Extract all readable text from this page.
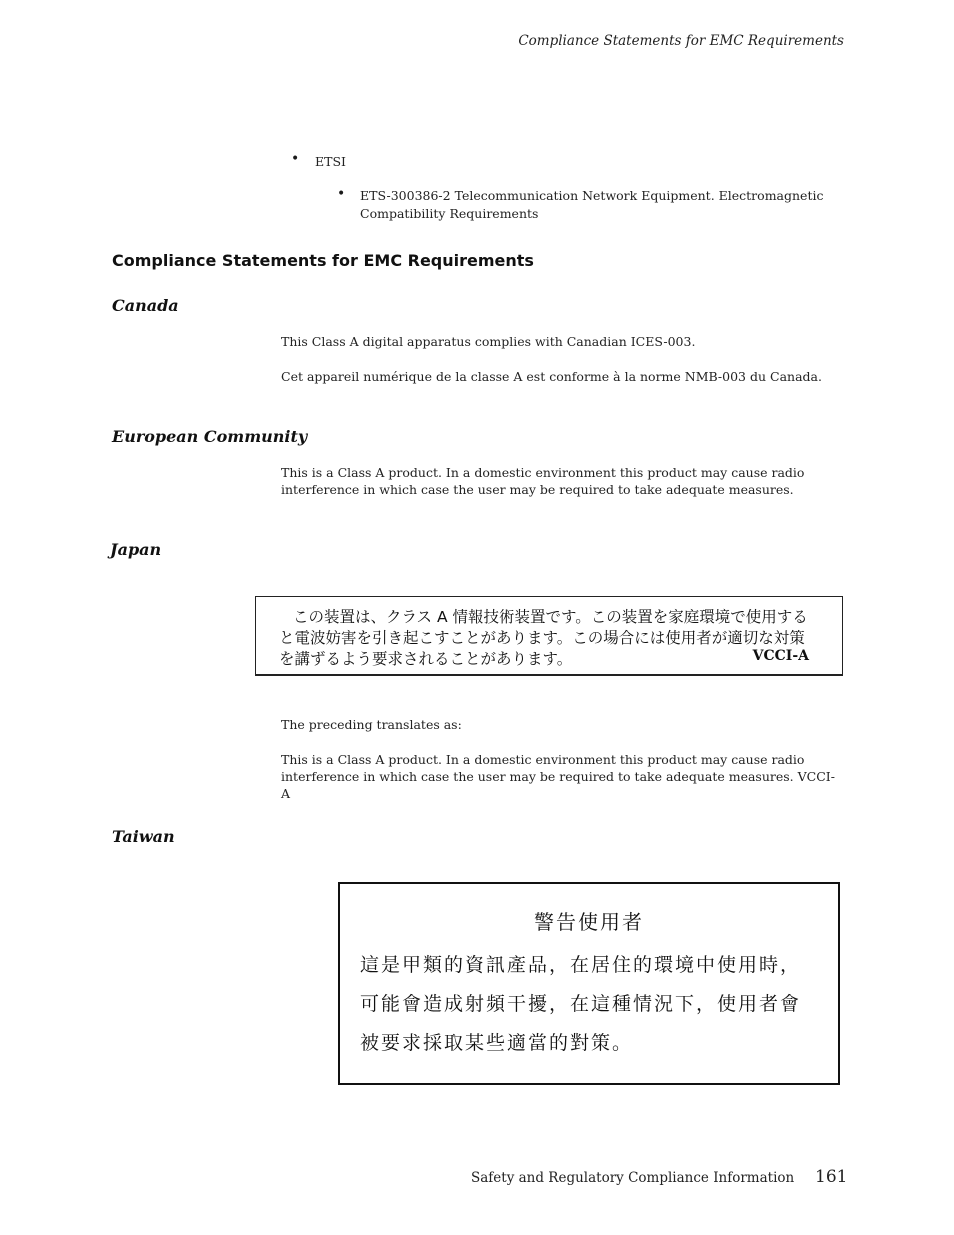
Compliance Statements for EMC Requirements
• ETSI
• ETS-300386-2 Telecommunication Network Equipment. Electromagnetic
Compatibility Requirements
Compliance Statements for EMC Requirements
Canada
This Class A digital apparatus complies with Canadian ICES-003.
Cet appareil numérique de la classe A est conforme à la norme NMB-003 du Canada.
European Community
This is a Class A product. In a domestic environment this product may cause radio
interference in which case the user may be required to take adequate measures.
Japan
この装置は、クラス A 情報技術装置です。この装置を家庭環境で使用する
と電波妨害を引き起こすことがあります。この場合には使用者が適切な対策
を講ずるよう要求されることがあります。	VCCI-A
The preceding translates as:
This is a Class A product. In a domestic environment this product may cause radio
interference in which case the user may be required to take adequate measures. VCCI-A
Taiwan
警告使用者
這是甲類的資訊產品，在居住的環境中使用時，
可能會造成射頻干擾，在這種情況下，使用者會
被要求採取某些適當的對策。
Safety and Regulatory Compliance Information 161
